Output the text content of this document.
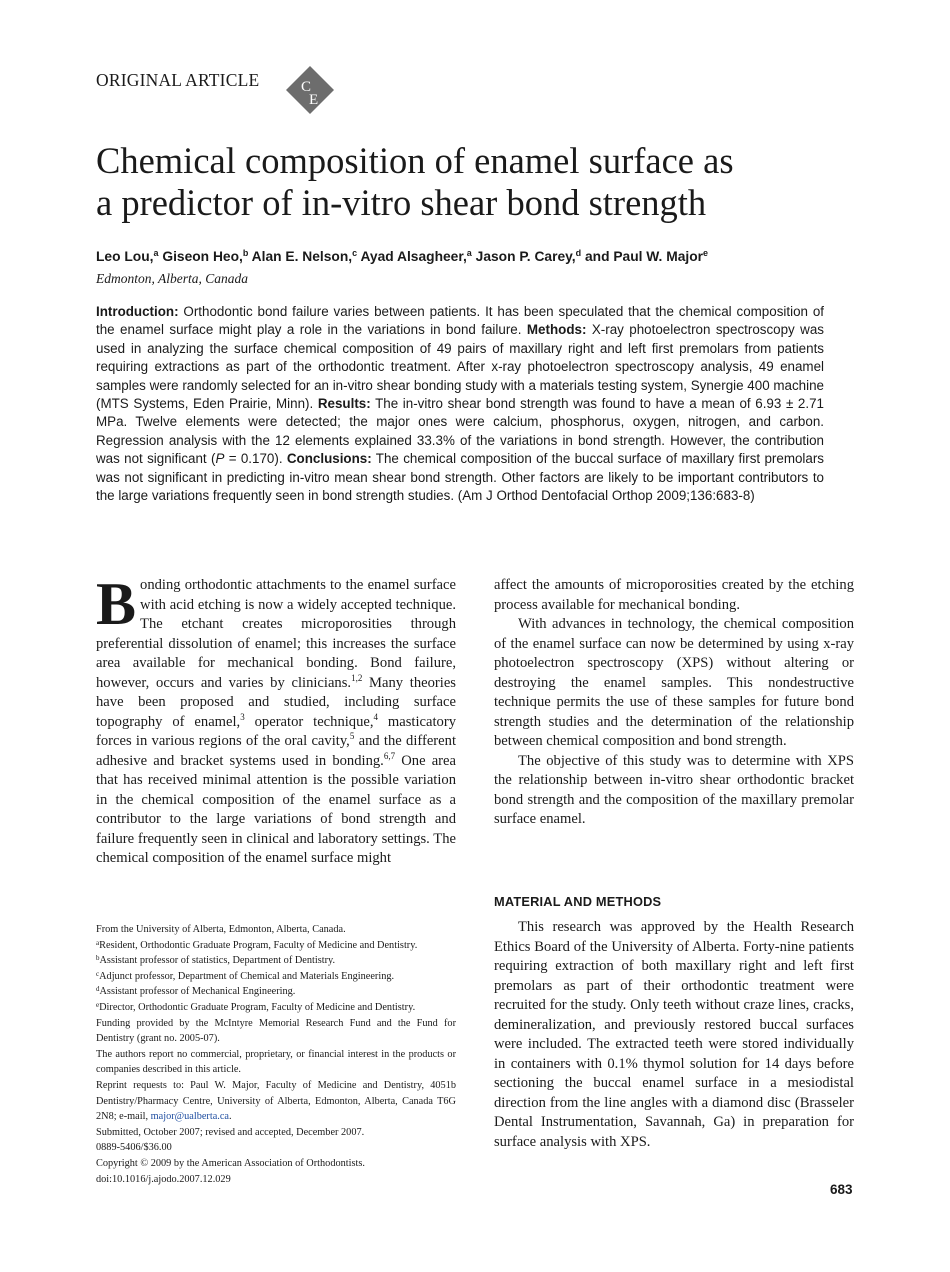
ORIGINAL ARTICLE	C
E
Chemical composition of enamel surface as
a predictor of in-vitro shear bond strength
Leo Lou,$^a$ Giseon Heo,$^b$ Alan E. Nelson,$^c$ Ayad Alsagheer,$^a$ Jason P. Carey,$^d$ and Paul W. Major$^e$
Edmonton, Alberta, Canada

Introduction: Orthodontic bond failure varies between patients. It has been speculated that the chemical composition of the enamel surface might play a role in the variations in bond failure. Methods: X-ray photoelectron spectroscopy was used in analyzing the surface chemical composition of 49 pairs of maxillary right and left first premolars from patients requiring extractions as part of the orthodontic treatment. After x-ray photoelectron spectroscopy analysis, 49 enamel samples were randomly selected for an in-vitro shear bonding study with a materials testing system, Synergie 400 machine (MTS Systems, Eden Prairie, Minn). Results: The in-vitro shear bond strength was found to have a mean of 6.93 ± 2.71 MPa. Twelve elements were detected; the major ones were calcium, phosphorus, oxygen, nitrogen, and carbon. Regression analysis with the 12 elements explained 33.3% of the variations in bond strength. However, the contribution was not significant (P = 0.170). Conclusions: The chemical composition of the buccal surface of maxillary first premolars was not significant in predicting in-vitro mean shear bond strength. Other factors are likely to be important contributors to the large variations frequently seen in bond strength studies. (Am J Orthod Dentofacial Orthop 2009;136:683-8)

Bonding orthodontic attachments to the enamel surface with acid etching is now a widely accepted technique. The etchant creates microporosities through preferential dissolution of enamel; this increases the surface area available for mechanical bonding. Bond failure, however, occurs and varies by clinicians.$^{1,2}$ Many theories have been proposed and studied, including surface topography of enamel,$^3$ operator technique,$^4$ masticatory forces in various regions of the oral cavity,$^5$ and the different adhesive and bracket systems used in bonding.$^{6,7}$ One area that has received minimal attention is the possible variation in the chemical composition of the enamel surface as a contributor to the large variations of bond strength and failure frequently seen in clinical and laboratory settings. The chemical composition of the enamel surface might

affect the amounts of microporosities created by the etching process available for mechanical bonding.

With advances in technology, the chemical composition of the enamel surface can now be determined by using x-ray photoelectron spectroscopy (XPS) without altering or destroying the enamel samples. This nondestructive technique permits the use of these samples for future bond strength studies and the determination of the relationship between chemical composition and bond strength.

The objective of this study was to determine with XPS the relationship between in-vitro shear orthodontic bracket bond strength and the composition of the maxillary premolar surface enamel.

MATERIAL AND METHODS

This research was approved by the Health Research Ethics Board of the University of Alberta. Forty-nine patients requiring extraction of both maxillary right and left first premolars as part of their orthodontic treatment were recruited for the study. Only teeth without craze lines, cracks, demineralization, and previously restored buccal surfaces were included. The extracted teeth were stored individually in containers with 0.1% thymol solution for 14 days before sectioning the buccal enamel surface in a mesiodistal direction from the line angles with a diamond disc (Brasseler Dental Instrumentation, Savannah, Ga) in preparation for surface analysis with XPS.

From the University of Alberta, Edmonton, Alberta, Canada.
$^a$Resident, Orthodontic Graduate Program, Faculty of Medicine and Dentistry.
$^b$Assistant professor of statistics, Department of Dentistry.
$^c$Adjunct professor, Department of Chemical and Materials Engineering.
$^d$Assistant professor of Mechanical Engineering.
$^e$Director, Orthodontic Graduate Program, Faculty of Medicine and Dentistry.
Funding provided by the McIntyre Memorial Research Fund and the Fund for Dentistry (grant no. 2005-07).
The authors report no commercial, proprietary, or financial interest in the products or companies described in this article.
Reprint requests to: Paul W. Major, Faculty of Medicine and Dentistry, 4051b Dentistry/Pharmacy Centre, University of Alberta, Edmonton, Alberta, Canada T6G 2N8; e-mail, major@ualberta.ca.
Submitted, October 2007; revised and accepted, December 2007.
0889-5406/$36.00
Copyright © 2009 by the American Association of Orthodontists.
doi:10.1016/j.ajodo.2007.12.029
683
